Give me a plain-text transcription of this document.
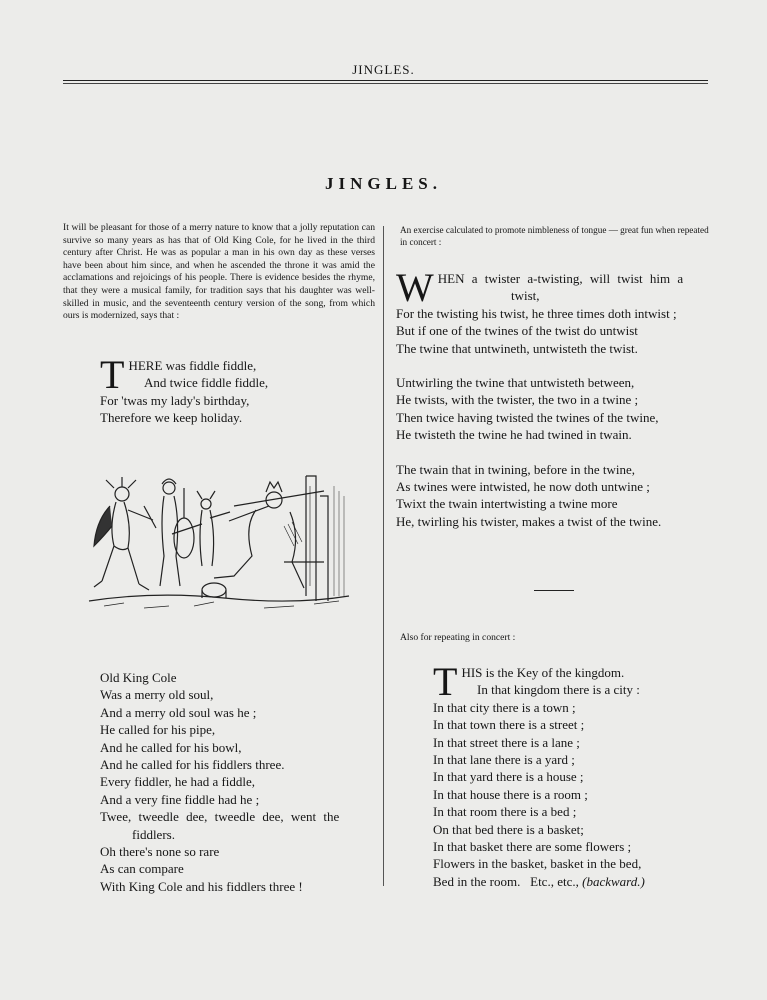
JINGLES.
JINGLES.
It will be pleasant for those of a merry nature to know that a jolly reputation can survive so many years as has that of Old King Cole, for he lived in the third century after Christ. He was as popular a man in his own day as these verses have been about him since, and when he ascended the throne it was amid the acclamations and rejoicings of his people. There is evidence besides the rhyme, that they were a musical family, for tradition says that his daughter was well-skilled in music, and the seventeenth century version of the song, from which ours is modernized, says that :
T HERE was fiddle fiddle,
And twice fiddle fiddle,
For 'twas my lady's birthday,
Therefore we keep holiday.
Old King Cole
Was a merry old soul,
And a merry old soul was he ;
He called for his pipe,
And he called for his bowl,
And he called for his fiddlers three.
Every fiddler, he had a fiddle,
And a very fine fiddle had he ;
Twee, tweedle dee, tweedle dee, went the
fiddlers.
Oh there's none so rare
As can compare
With King Cole and his fiddlers three !
An exercise calculated to promote nimbleness of tongue — great fun when repeated in concert :
W HEN a twister a-twisting, will twist him a
twist,
For the twisting his twist, he three times doth intwist ;
But if one of the twines of the twist do untwist
The twine that untwineth, untwisteth the twist.
Untwirling the twine that untwisteth between,
He twists, with the twister, the two in a twine ;
Then twice having twisted the twines of the twine,
He twisteth the twine he had twined in twain.
The twain that in twining, before in the twine,
As twines were intwisted, he now doth untwine ;
Twixt the twain intertwisting a twine more
He, twirling his twister, makes a twist of the twine.
Also for repeating in concert :
T HIS is the Key of the kingdom.
In that kingdom there is a city :
In that city there is a town ;
In that town there is a street ;
In that street there is a lane ;
In that lane there is a yard ;
In that yard there is a house ;
In that house there is a room ;
In that room there is a bed ;
On that bed there is a basket;
In that basket there are some flowers ;
Flowers in the basket, basket in the bed,
Bed in the room.   Etc., etc., (backward.)
